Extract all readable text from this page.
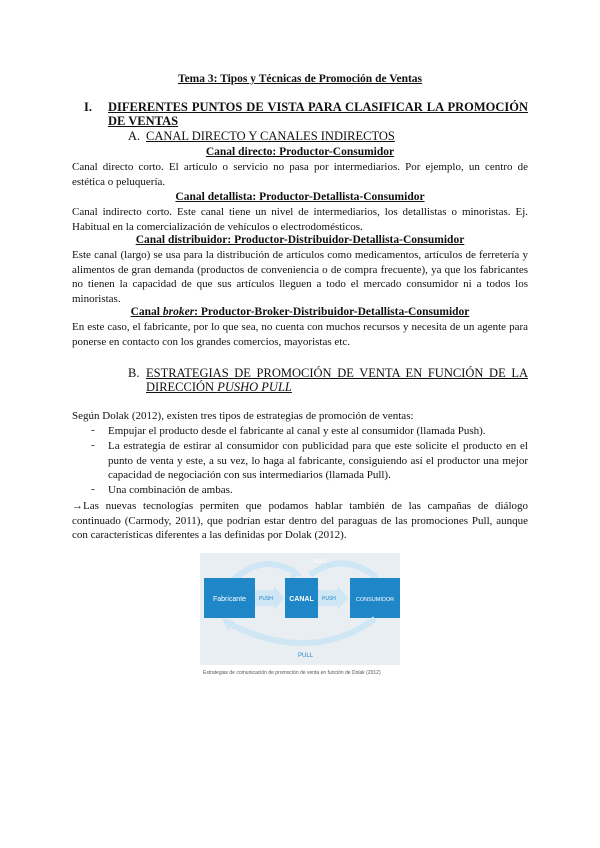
Tema 3: Tipos y Técnicas de Promoción de Ventas

I. DIFERENTES PUNTOS DE VISTA PARA CLASIFICAR LA PROMOCIÓN DE VENTAS

A. CANAL DIRECTO Y CANALES INDIRECTOS

Canal directo: Productor-Consumidor

Canal directo corto. El artículo o servicio no pasa por intermediarios. Por ejemplo, un centro de estética o peluquería.

Canal detallista: Productor-Detallista-Consumidor

Canal indirecto corto. Este canal tiene un nivel de intermediarios, los detallistas o minoristas. Ej. Habitual en la comercialización de vehículos o electrodomésticos.

Canal distribuidor: Productor-Distribuidor-Detallista-Consumidor

Este canal (largo) se usa para la distribución de artículos como medicamentos, artículos de ferretería y alimentos de gran demanda (productos de conveniencia o de compra frecuente), ya que los fabricantes no tienen la capacidad de que sus artículos lleguen a todo el mercado consumidor ni a todos los minoristas.

Canal broker: Productor-Broker-Distribuidor-Detallista-Consumidor

En este caso, el fabricante, por lo que sea, no cuenta con muchos recursos y necesita de un agente para ponerse en contacto con los grandes comercios, mayoristas etc.

B. ESTRATEGIAS DE PROMOCIÓN DE VENTA EN FUNCIÓN DE LA DIRECCIÓN PUSHO PULL

Según Dolak (2012), existen tres tipos de estrategias de promoción de ventas:

- Empujar el producto desde el fabricante al canal y este al consumidor (llamada Push).

- La estrategia de estirar al consumidor con publicidad para que este solicite el producto en el punto de venta y este, a su vez, lo haga al fabricante, consiguiendo así el productor una mejor capacidad de negociación con sus intermediarios (llamada Pull).

- Una combinación de ambas.

→Las nuevas tecnologías permiten que podamos hablar también de las campañas de diálogo continuado (Carmody, 2011), que podrían estar dentro del paraguas de las promociones Pull, aunque con características diferentes a las definidas por Dolak (2012).

PULL
PUSH	PUSH
Fabricante	CANAL	CONSUMIDOR
PULL
Estrategias de comunicación de promoción de venta en función de Dolak (2012)
